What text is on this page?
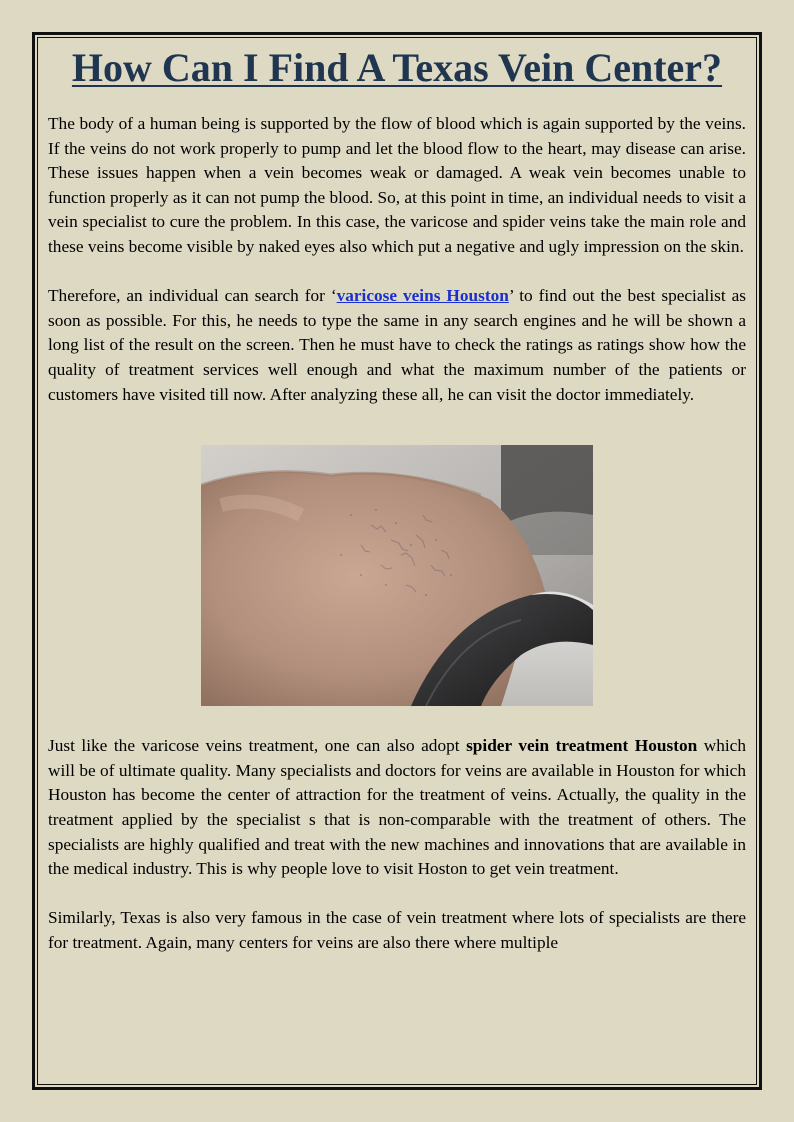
How Can I Find A Texas Vein Center?

The body of a human being is supported by the flow of blood which is again supported by the veins. If the veins do not work properly to pump and let the blood flow to the heart, may disease can arise. These issues happen when a vein becomes weak or damaged. A weak vein becomes unable to function properly as it can not pump the blood. So, at this point in time, an individual needs to visit a vein specialist to cure the problem. In this case, the varicose and spider veins take the main role and these veins become visible by naked eyes also which put a negative and ugly impression on the skin.

Therefore, an individual can search for ‘varicose veins Houston’ to find out the best specialist as soon as possible. For this, he needs to type the same in any search engines and he will be shown a long list of the result on the screen. Then he must have to check the ratings as ratings show how the quality of treatment services well enough and what the maximum number of the patients or customers have visited till now. After analyzing these all, he can visit the doctor immediately.

Just like the varicose veins treatment, one can also adopt spider vein treatment Houston which will be of ultimate quality. Many specialists and doctors for veins are available in Houston for which Houston has become the center of attraction for the treatment of veins. Actually, the quality in the treatment applied by the specialist s that is non-comparable with the treatment of others. The specialists are highly qualified and treat with the new machines and innovations that are available in the medical industry. This is why people love to visit Hoston to get vein treatment.

Similarly, Texas is also very famous in the case of vein treatment where lots of specialists are there for treatment. Again, many centers for veins are also there where multiple
